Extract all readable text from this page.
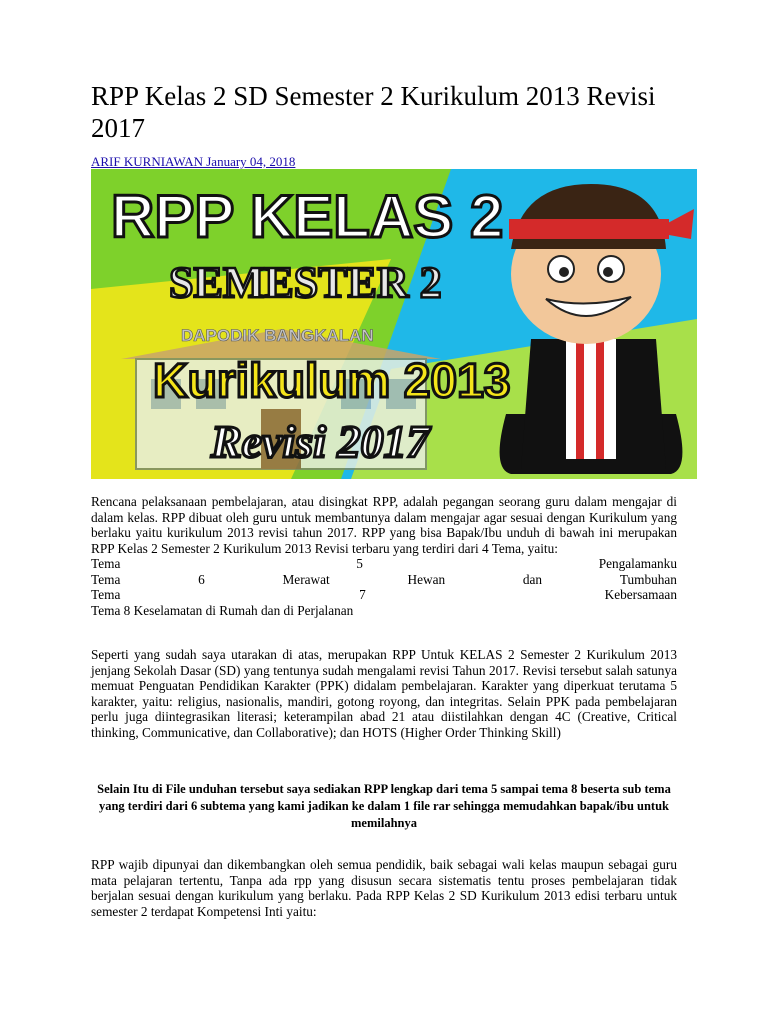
RPP Kelas 2 SD Semester 2 Kurikulum 2013 Revisi 2017
ARIF KURNIAWAN January 04, 2018
RPP KELAS 2
SEMESTER 2
DAPODIK BANGKALAN
Kurikulum 2013
Revisi 2017
Rencana pelaksanaan pembelajaran, atau disingkat RPP, adalah pegangan seorang guru dalam mengajar di dalam kelas. RPP dibuat oleh guru untuk membantunya dalam mengajar agar sesuai dengan Kurikulum yang berlaku yaitu kurikulum 2013 revisi tahun 2017. RPP yang bisa Bapak/Ibu unduh di bawah ini merupakan RPP Kelas 2 Semester 2 Kurikulum 2013 Revisi terbaru yang terdiri dari 4 Tema, yaitu:
Tema	5	Pengalamanku
Tema	6	Merawat	Hewan	dan	Tumbuhan
Tema	7	Kebersamaan
Tema 8 Keselamatan di Rumah dan di Perjalanan
Seperti yang sudah saya utarakan di atas, merupakan RPP Untuk KELAS 2 Semester 2 Kurikulum 2013 jenjang Sekolah Dasar (SD) yang tentunya sudah mengalami revisi Tahun 2017. Revisi tersebut salah satunya memuat Penguatan Pendidikan Karakter (PPK) didalam pembelajaran. Karakter yang diperkuat terutama 5 karakter, yaitu: religius, nasionalis, mandiri, gotong royong, dan integritas. Selain PPK pada pembelajaran perlu juga diintegrasikan literasi; keterampilan abad 21 atau diistilahkan dengan 4C (Creative, Critical thinking, Communicative, dan Collaborative); dan HOTS (Higher Order Thinking Skill)
Selain Itu di File unduhan tersebut saya sediakan RPP lengkap dari tema 5 sampai tema 8 beserta sub tema yang terdiri dari 6 subtema yang kami jadikan ke dalam 1 file rar sehingga memudahkan bapak/ibu untuk memilahnya
RPP wajib dipunyai dan dikembangkan oleh semua pendidik, baik sebagai wali kelas maupun sebagai guru mata pelajaran tertentu, Tanpa ada rpp yang disusun secara sistematis tentu proses pembelajaran tidak berjalan sesuai dengan kurikulum yang berlaku. Pada RPP Kelas 2 SD Kurikulum 2013 edisi terbaru untuk semester 2 terdapat Kompetensi Inti yaitu:
